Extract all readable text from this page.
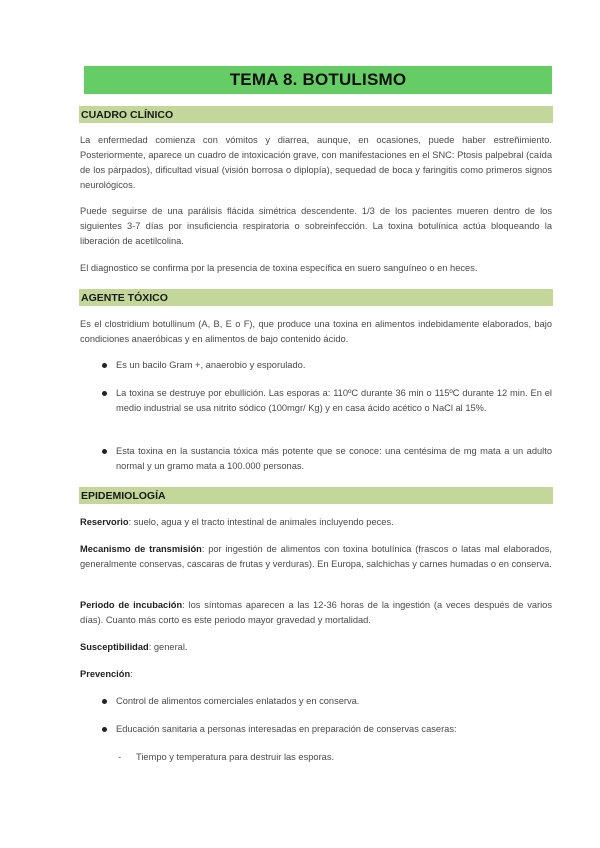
TEMA 8. BOTULISMO
CUADRO CLÍNICO

La enfermedad comienza con vómitos y diarrea, aunque, en ocasiones, puede haber estreñimiento. Posteriormente, aparece un cuadro de intoxicación grave, con manifestaciones en el SNC: Ptosis palpebral (caída de los párpados), dificultad visual (visión borrosa o diplopía), sequedad de boca y faringitis como primeros signos neurológicos.

Puede seguirse de una parálisis flácida simétrica descendente. 1/3 de los pacientes mueren dentro de los siguientes 3-7 días por insuficiencia respiratoria o sobreinfección. La toxina botulínica actúa bloqueando la liberación de acetilcolina.

El diagnostico se confirma por la presencia de toxina específica en suero sanguíneo o en heces.

AGENTE TÓXICO

Es el clostridium botullinum (A, B, E o F), que produce una toxina en alimentos indebidamente elaborados, bajo condiciones anaeróbicas y en alimentos de bajo contenido ácido.

Es un bacilo Gram +, anaerobio y esporulado.

La toxina se destruye por ebullición. Las esporas a: 110ºC durante 36 min o 115ºC durante 12 min. En el medio industrial se usa nitrito sódico (100mgr/ Kg) y en casa ácido acético o NaCl al 15%.

Esta toxina en la sustancia tóxica más potente que se conoce: una centésima de mg mata a un adulto normal y un gramo mata a 100.000 personas.

EPIDEMIOLOGÍA

Reservorio: suelo, agua y el tracto intestinal de animales incluyendo peces.

Mecanismo de transmisión: por ingestión de alimentos con toxina botulínica (frascos o latas mal elaborados, generalmente conservas, cascaras de frutas y verduras). En Europa, salchichas y carnes humadas o en conserva.

Periodo de incubación: los síntomas aparecen a las 12-36 horas de la ingestión (a veces después de varios días). Cuanto más corto es este periodo mayor gravedad y mortalidad.

Susceptibilidad: general.

Prevención:

Control de alimentos comerciales enlatados y en conserva.

Educación sanitaria a personas interesadas en preparación de conservas caseras:

- Tiempo y temperatura para destruir las esporas.
